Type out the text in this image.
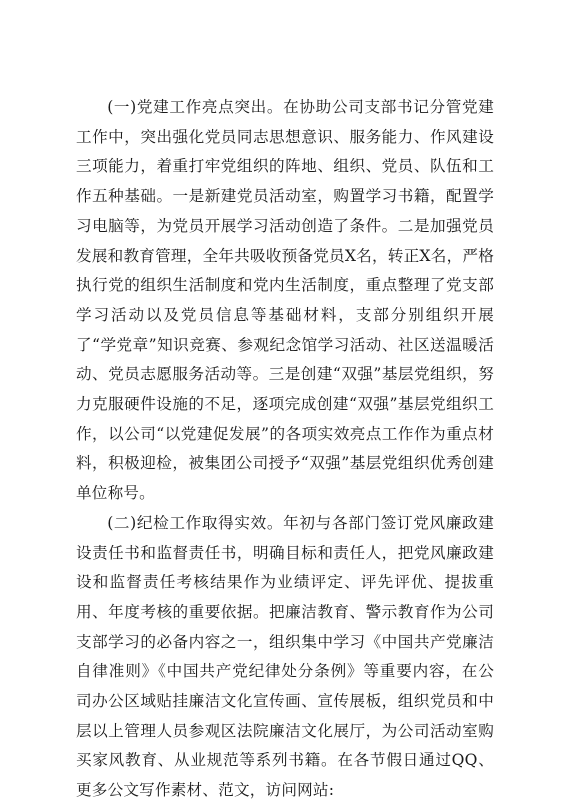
(一)党建工作亮点突出。在协助公司支部书记分管党建工作中，突出强化党员同志思想意识、服务能力、作风建设三项能力，着重打牢党组织的阵地、组织、党员、队伍和工作五种基础。一是新建党员活动室，购置学习书籍，配置学习电脑等，为党员开展学习活动创造了条件。二是加强党员发展和教育管理，全年共吸收预备党员X名，转正X名，严格执行党的组织生活制度和党内生活制度，重点整理了党支部学习活动以及党员信息等基础材料，支部分别组织开展了“学党章”知识竞赛、参观纪念馆学习活动、社区送温暖活动、党员志愿服务活动等。三是创建“双强”基层党组织，努力克服硬件设施的不足，逐项完成创建“双强”基层党组织工作，以公司“以党建促发展”的各项实效亮点工作作为重点材料，积极迎检，被集团公司授予“双强”基层党组织优秀创建单位称号。

(二)纪检工作取得实效。年初与各部门签订党风廉政建设责任书和监督责任书，明确目标和责任人，把党风廉政建设和监督责任考核结果作为业绩评定、评先评优、提拔重用、年度考核的重要依据。把廉洁教育、警示教育作为公司支部学习的必备内容之一，组织集中学习《中国共产党廉洁自律准则》《中国共产党纪律处分条例》等重要内容，在公司办公区域贴挂廉洁文化宣传画、宣传展板，组织党员和中层以上管理人员参观区法院廉洁文化展厅，为公司活动室购买家风教育、从业规范等系列书籍。在各节假日通过QQ、更多公文写作素材、范文，访问网站:
